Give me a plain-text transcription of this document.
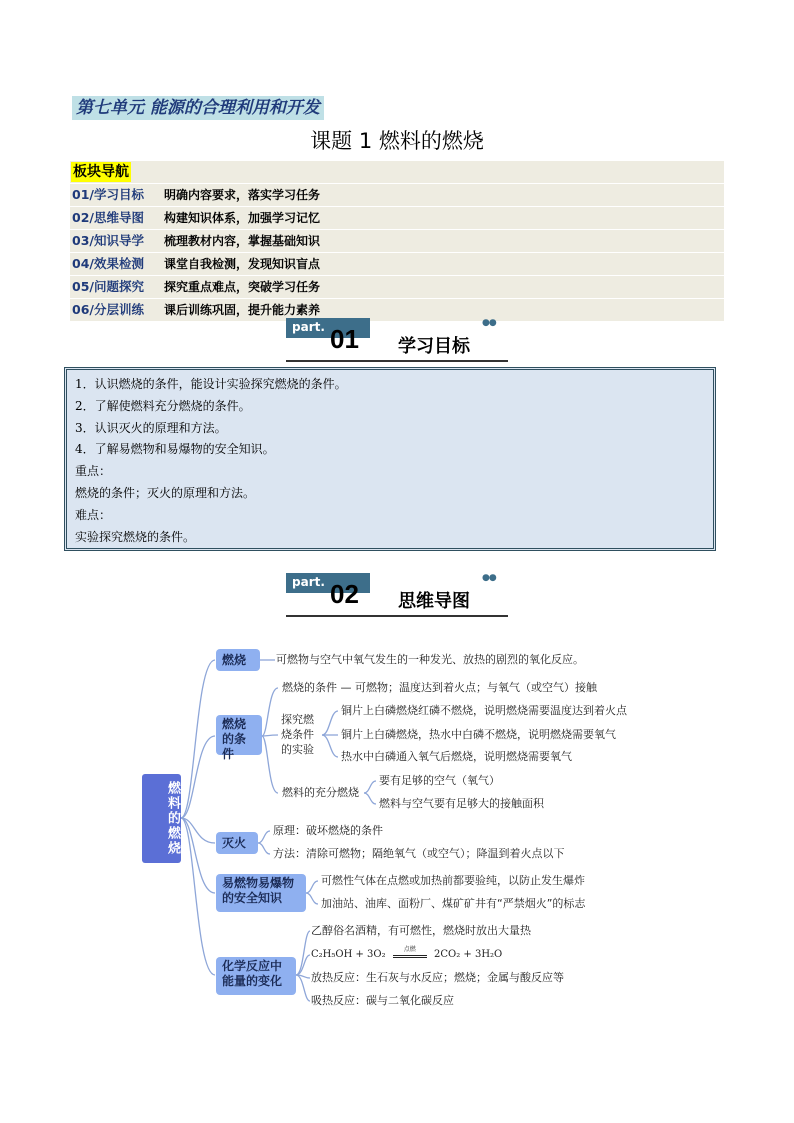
第七单元 能源的合理利用和开发
课题 1 燃料的燃烧
板块导航
01/学习目标 明确内容要求，落实学习任务
02/思维导图 构建知识体系，加强学习记忆
03/知识导学 梳理教材内容，掌握基础知识
04/效果检测 课堂自我检测，发现知识盲点
05/问题探究 探究重点难点，突破学习任务
06/分层训练 课后训练巩固，提升能力素养
part. 01 学习目标
●●
1．认识燃烧的条件，能设计实验探究燃烧的条件。
2．了解使燃料充分燃烧的条件。
3．认识灭火的原理和方法。
4．了解易燃物和易爆物的安全知识。
重点：
燃烧的条件；灭火的原理和方法。
难点：
实验探究燃烧的条件。
part. 02 思维导图
●●
燃料的燃烧
燃烧	可燃物与空气中氧气发生的一种发光、放热的剧烈的氧化反应。
燃烧的条件
燃烧的条件 — 可燃物；温度达到着火点；与氧气（或空气）接触
探究燃烧条件的实验
铜片上白磷燃烧红磷不燃烧，说明燃烧需要温度达到着火点
铜片上白磷燃烧，热水中白磷不燃烧，说明燃烧需要氧气
热水中白磷通入氧气后燃烧，说明燃烧需要氧气
燃料的充分燃烧
要有足够的空气（氧气）
燃料与空气要有足够大的接触面积
灭火
原理：破坏燃烧的条件
方法：清除可燃物；隔绝氧气（或空气）；降温到着火点以下
易燃物易爆物的安全知识
可燃性气体在点燃或加热前都要验纯，以防止发生爆炸
加油站、油库、面粉厂、煤矿矿井有“严禁烟火”的标志
化学反应中能量的变化
乙醇俗名酒精，有可燃性，燃烧时放出大量热
C₂H₅OH + 3O₂	点燃	2CO₂ + 3H₂O
放热反应：生石灰与水反应；燃烧；金属与酸反应等
吸热反应：碳与二氧化碳反应
